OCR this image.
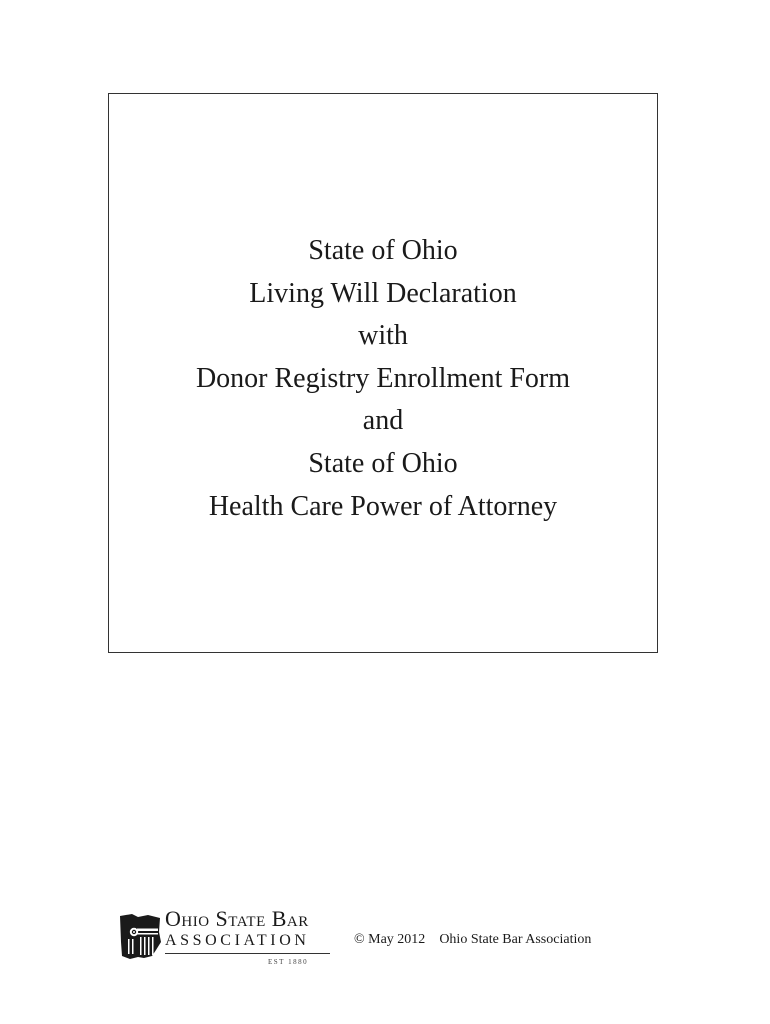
State of Ohio
Living Will Declaration
with
Donor Registry Enrollment Form
and
State of Ohio
Health Care Power of Attorney
Ohio State Bar
ASSOCIATION
EST 1880
© May 2012 Ohio State Bar Association
